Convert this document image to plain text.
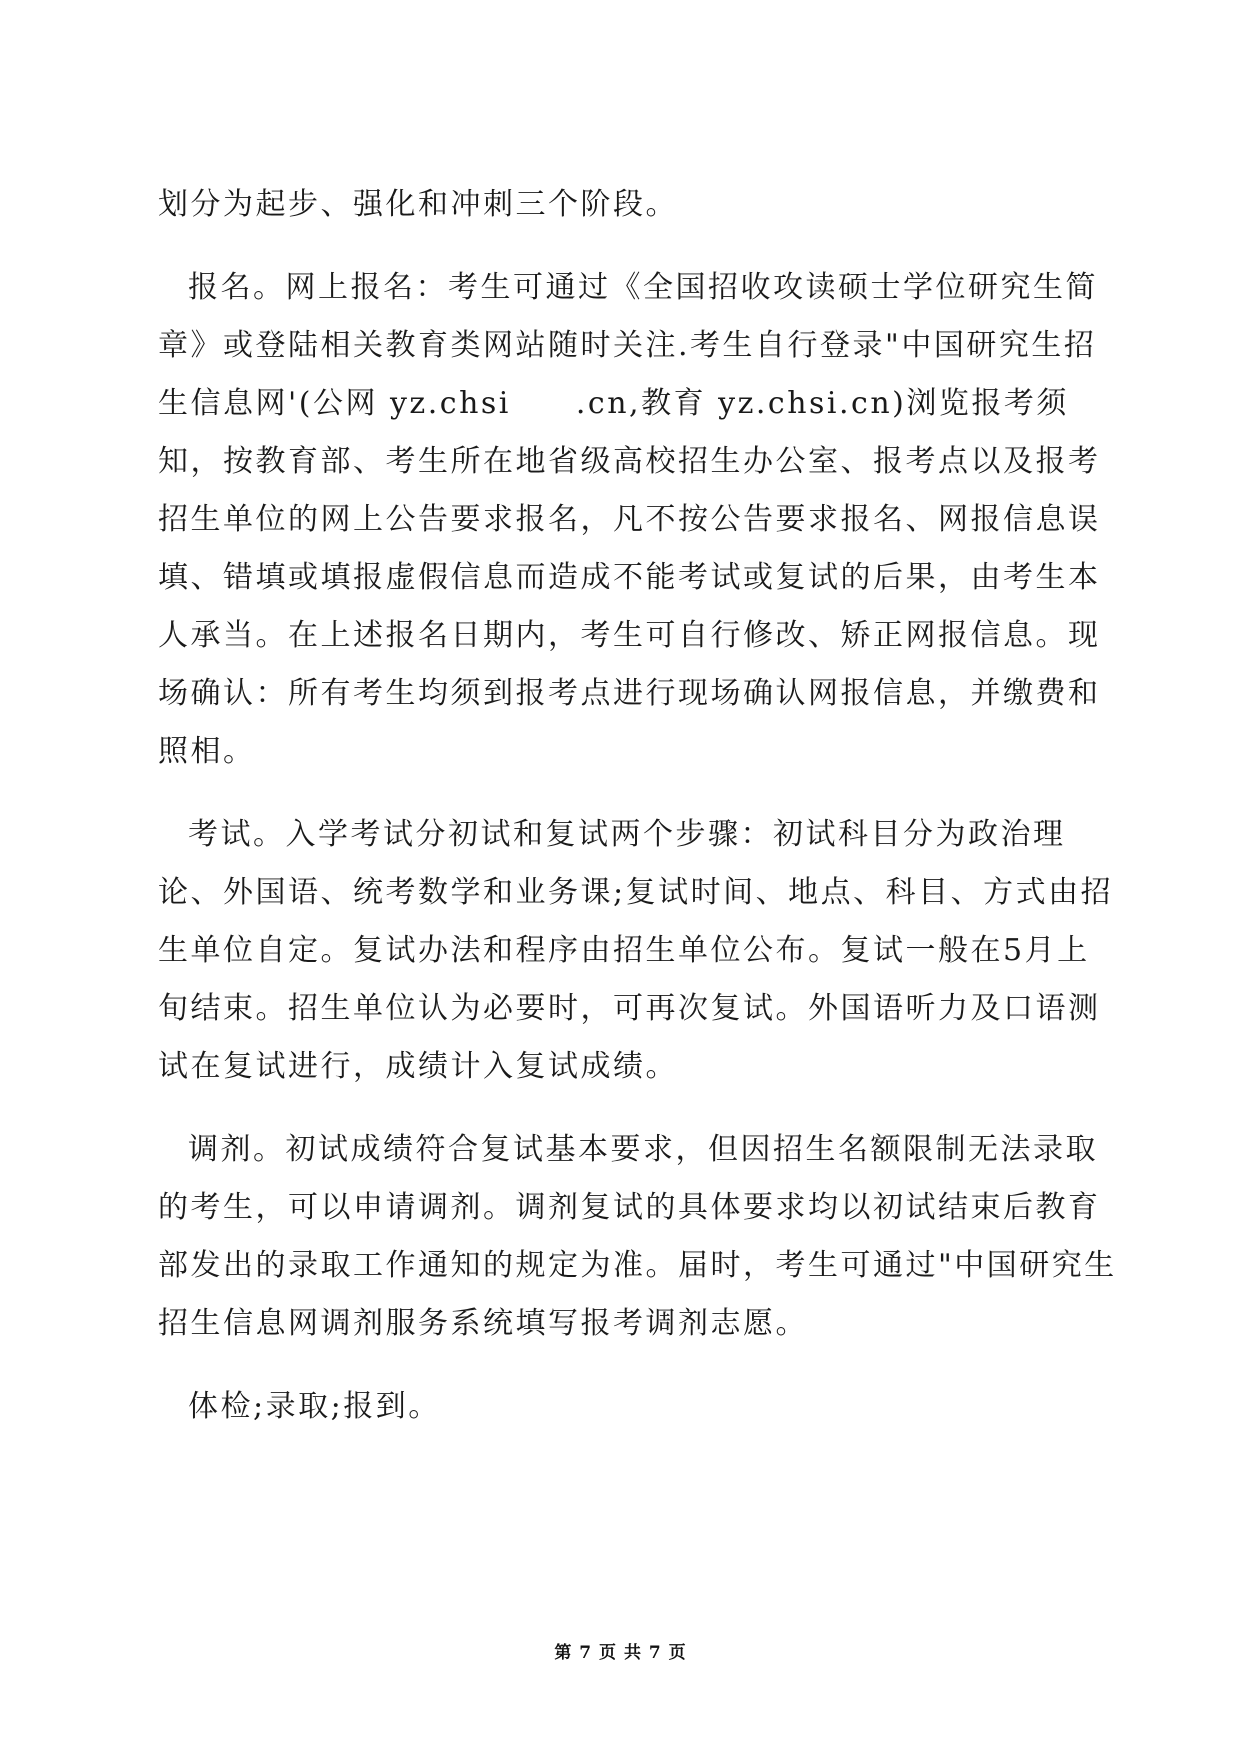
划分为起步、强化和冲刺三个阶段。

报名。网上报名：考生可通过《全国招收攻读硕士学位研究生简章》或登陆相关教育类网站随时关注.考生自行登录"中国研究生招生信息网'(公网 yz.chsi　　.cn,教育 yz.chsi.cn)浏览报考须知，按教育部、考生所在地省级高校招生办公室、报考点以及报考招生单位的网上公告要求报名，凡不按公告要求报名、网报信息误填、错填或填报虚假信息而造成不能考试或复试的后果，由考生本人承当。在上述报名日期内，考生可自行修改、矫正网报信息。现场确认：所有考生均须到报考点进行现场确认网报信息，并缴费和照相。

考试。入学考试分初试和复试两个步骤：初试科目分为政治理论、外国语、统考数学和业务课;复试时间、地点、科目、方式由招生单位自定。复试办法和程序由招生单位公布。复试一般在5月上旬结束。招生单位认为必要时，可再次复试。外国语听力及口语测试在复试进行，成绩计入复试成绩。

调剂。初试成绩符合复试基本要求，但因招生名额限制无法录取的考生，可以申请调剂。调剂复试的具体要求均以初试结束后教育部发出的录取工作通知的规定为准。届时，考生可通过"中国研究生招生信息网调剂服务系统填写报考调剂志愿。

体检;录取;报到。

第 7 页 共 7 页
